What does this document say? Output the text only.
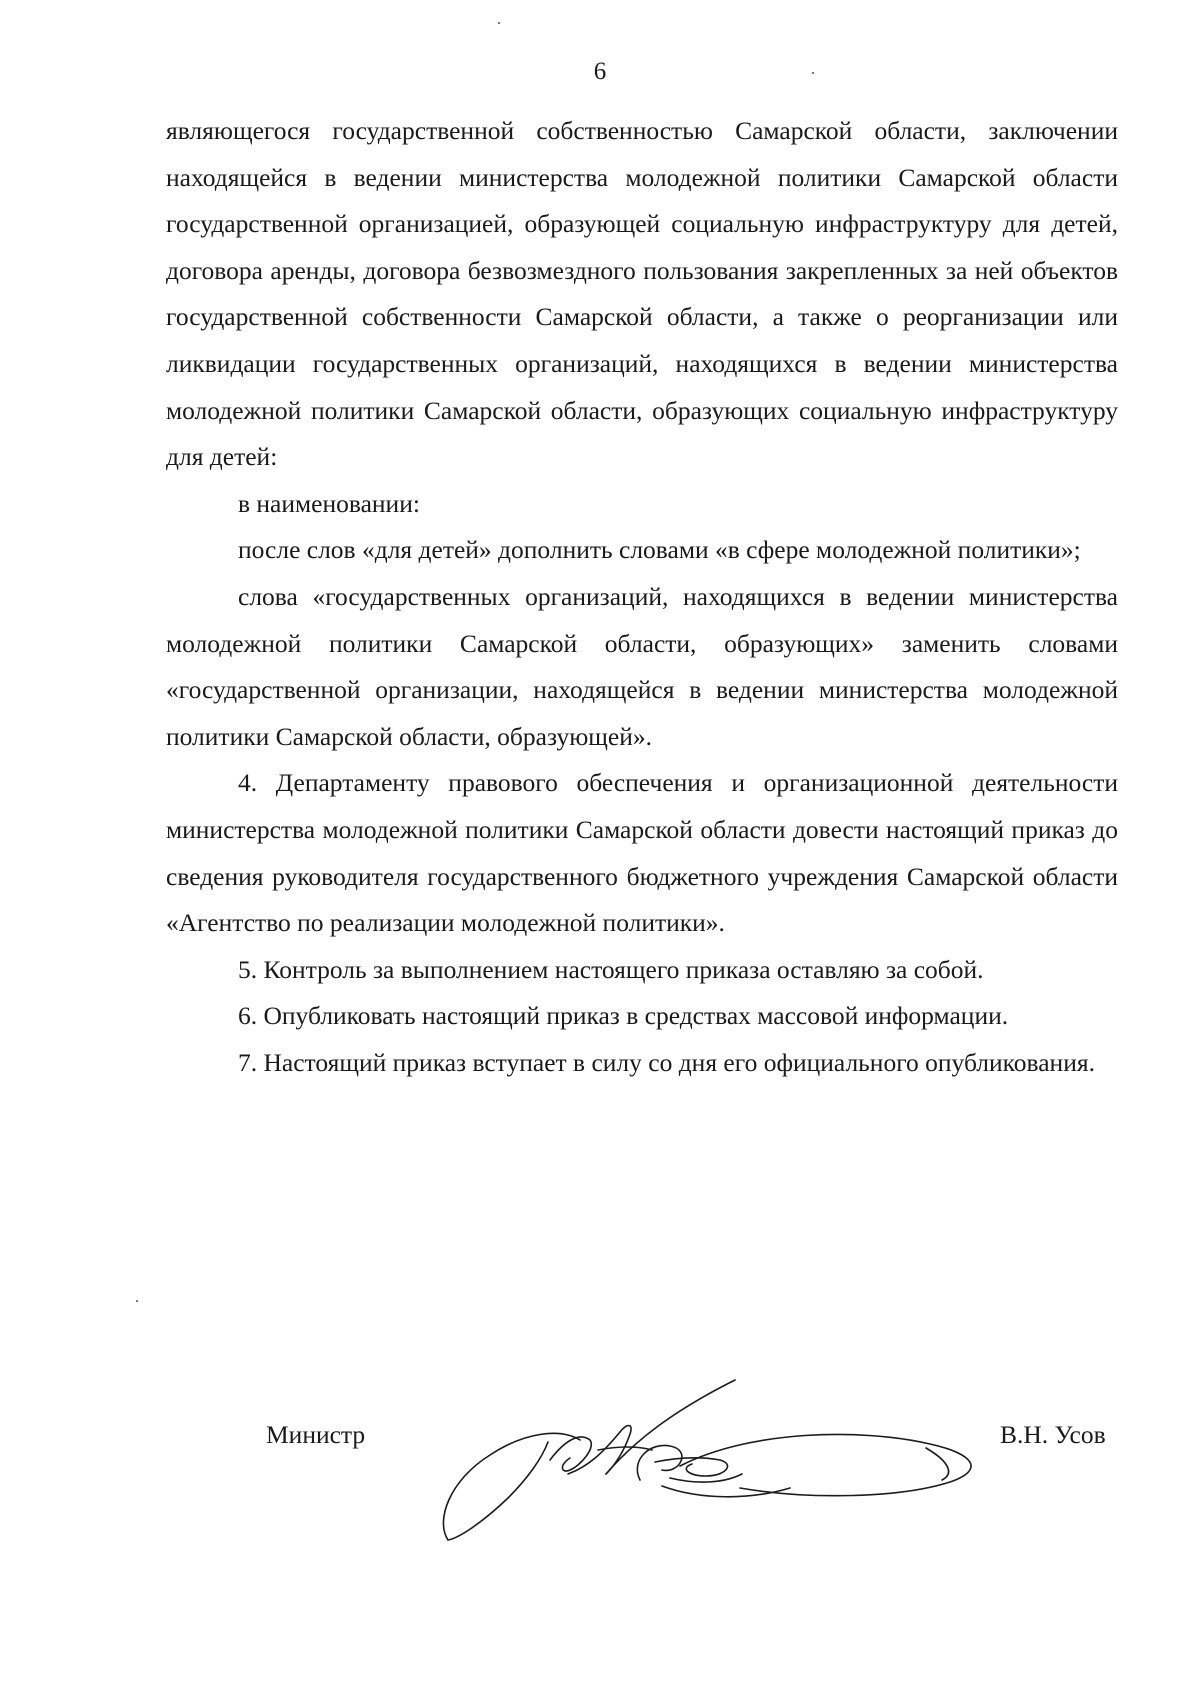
6

являющегося государственной собственностью Самарской области, заключении находящейся в ведении министерства молодежной политики Самарской области государственной организацией, образующей социальную инфраструктуру для детей, договора аренды, договора безвозмездного пользования закрепленных за ней объектов государственной собственности Самарской области, а также о реорганизации или ликвидации государственных организаций, находящихся в ведении министерства молодежной политики Самарской области, образующих социальную инфраструктуру для детей:

в наименовании:

после слов «для детей» дополнить словами «в сфере молодежной политики»;

слова «государственных организаций, находящихся в ведении министерства молодежной политики Самарской области, образующих» заменить словами «государственной организации, находящейся в ведении министерства молодежной политики Самарской области, образующей».

4. Департаменту правового обеспечения и организационной деятельности министерства молодежной политики Самарской области довести настоящий приказ до сведения руководителя государственного бюджетного учреждения Самарской области «Агентство по реализации молодежной политики».

5. Контроль за выполнением настоящего приказа оставляю за собой.

6. Опубликовать настоящий приказ в средствах массовой информации.

7. Настоящий приказ вступает в силу со дня его официального опубликования.

Министр	В.Н. Усов
